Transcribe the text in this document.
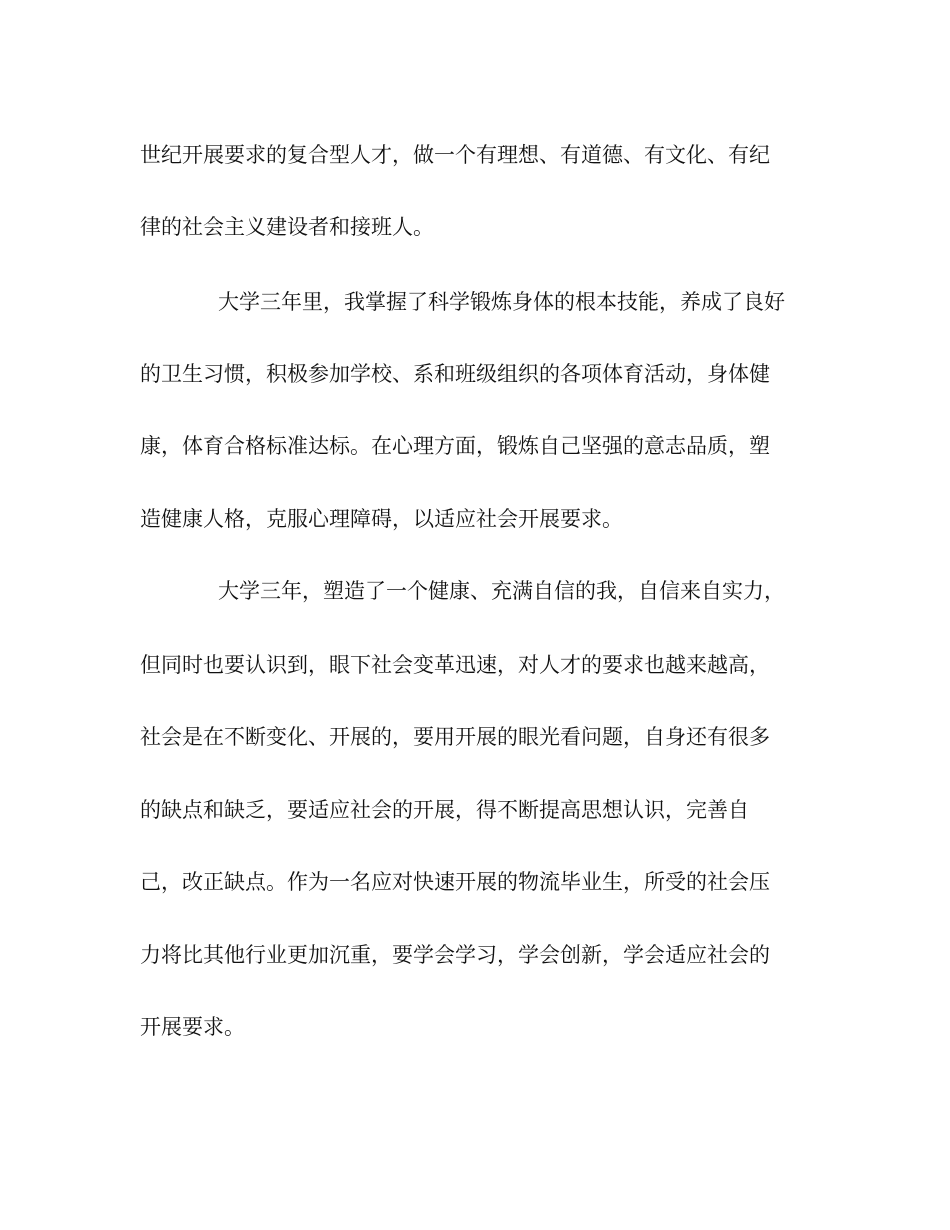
世纪开展要求的复合型人才，做一个有理想、有道德、有文化、有纪
律的社会主义建设者和接班人。
大学三年里，我掌握了科学锻炼身体的根本技能，养成了良好
的卫生习惯，积极参加学校、系和班级组织的各项体育活动，身体健
康，体育合格标准达标。在心理方面，锻炼自己坚强的意志品质，塑
造健康人格，克服心理障碍，以适应社会开展要求。
大学三年，塑造了一个健康、充满自信的我，自信来自实力，
但同时也要认识到，眼下社会变革迅速，对人才的要求也越来越高，
社会是在不断变化、开展的，要用开展的眼光看问题，自身还有很多
的缺点和缺乏，要适应社会的开展，得不断提高思想认识，完善自
己，改正缺点。作为一名应对快速开展的物流毕业生，所受的社会压
力将比其他行业更加沉重，要学会学习，学会创新，学会适应社会的
开展要求。
